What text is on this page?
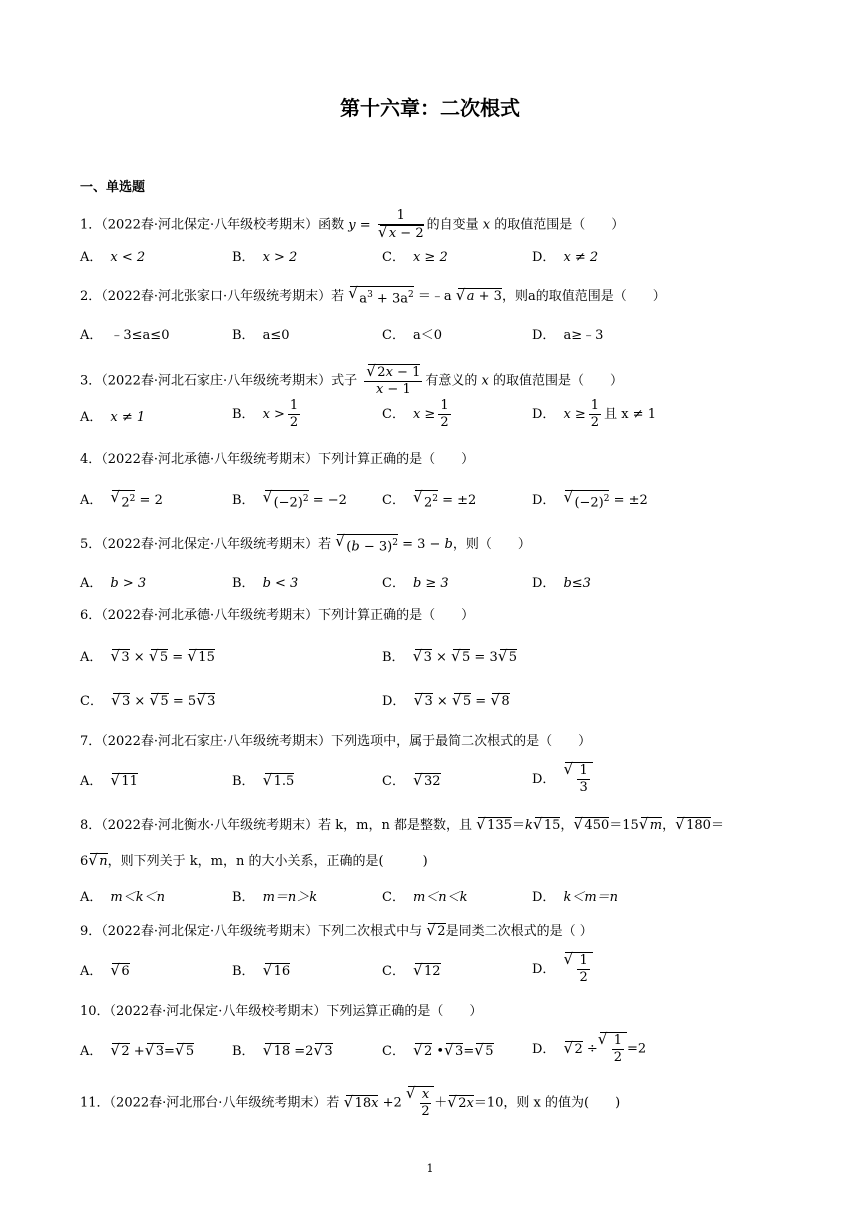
第十六章：二次根式
一、单选题
1．（2022春·河北保定·八年级校考期末）函数 y = 1
√ x − 2 的自变量 x 的取值范围是（　　）
A． x < 2	B． x > 2	C． x ≥ 2	D． x ≠ 2
2．（2022春·河北张家口·八年级统考期末）若 √ $a^3 + 3a^2$ ＝﹣a √ a + 3，则a的取值范围是（　　）
A． ﹣3≤a≤0	B． a≤0	C． a＜0	D． a≥﹣3
3．（2022春·河北石家庄·八年级统考期末）式子 √ $\frac{2x - 1}{x - 1}$ 有意义的 x 的取值范围是（　　）
A． x ≠ 1	B． $x > \frac{1}{2}$	C． $x \ge \frac{1}{2}$	D． $x \ge \frac{1}{2}$ 且 x ≠ 1
4．（2022春·河北承德·八年级统考期末）下列计算正确的是（　　）
A． √ $2^2 = 2$	B． √ $(-2)^2 = -2$	C． √ $2^2 = \pm 2$	D． √ $(-2)^2 = \pm 2$
5．（2022春·河北保定·八年级统考期末）若 √ $(b - 3)^2 = 3 - b$，则（　　）
A． b > 3	B． b < 3	C． b ≥ 3	D． b≤3
6．（2022春·河北承德·八年级统考期末）下列计算正确的是（　　）
A． √ 3 × √ 5 = √ 15	B． √ 3 × √ 5 = 3 √ 5
C． √ 3 × √ 5 = 5 √ 3	D． √ 3 × √ 5 = √ 8
7．（2022春·河北石家庄·八年级统考期末）下列选项中，属于最简二次根式的是（　　）
A． √ 11	B． √ 1.5	C． √ 32	D． √ $\frac{1}{3}$
8．（2022春·河北衡水·八年级统考期末）若 k，m，n 都是整数，且 √ 135＝k √ 15， √ 450＝15 √ m， √ 180＝
6 √ n，则下列关于 k，m，n 的大小关系，正确的是(　　　)
A． m＜k＜n	B． m＝n＞k	C． m＜n＜k	D． k＜m＝n
9．（2022春·河北保定·八年级统考期末）下列二次根式中与 √ 2是同类二次根式的是（ ）
A． √ 6	B． √ 16	C． √ 12	D． √ $\frac{1}{2}$
10．（2022春·河北保定·八年级校考期末）下列运算正确的是（　　）
A． √ 2 + √ 3= √ 5	B． √ 18 =2 √ 3	C． √ 2 • √ 3= √ 5	D． √ 2 ÷ √ $\frac{1}{2} =2$
11．（2022春·河北邢台·八年级统考期末）若 √ 18x +2 √ $\frac{x}{2}$ ＋ √ 2x＝10，则 x 的值为(　　)
1
